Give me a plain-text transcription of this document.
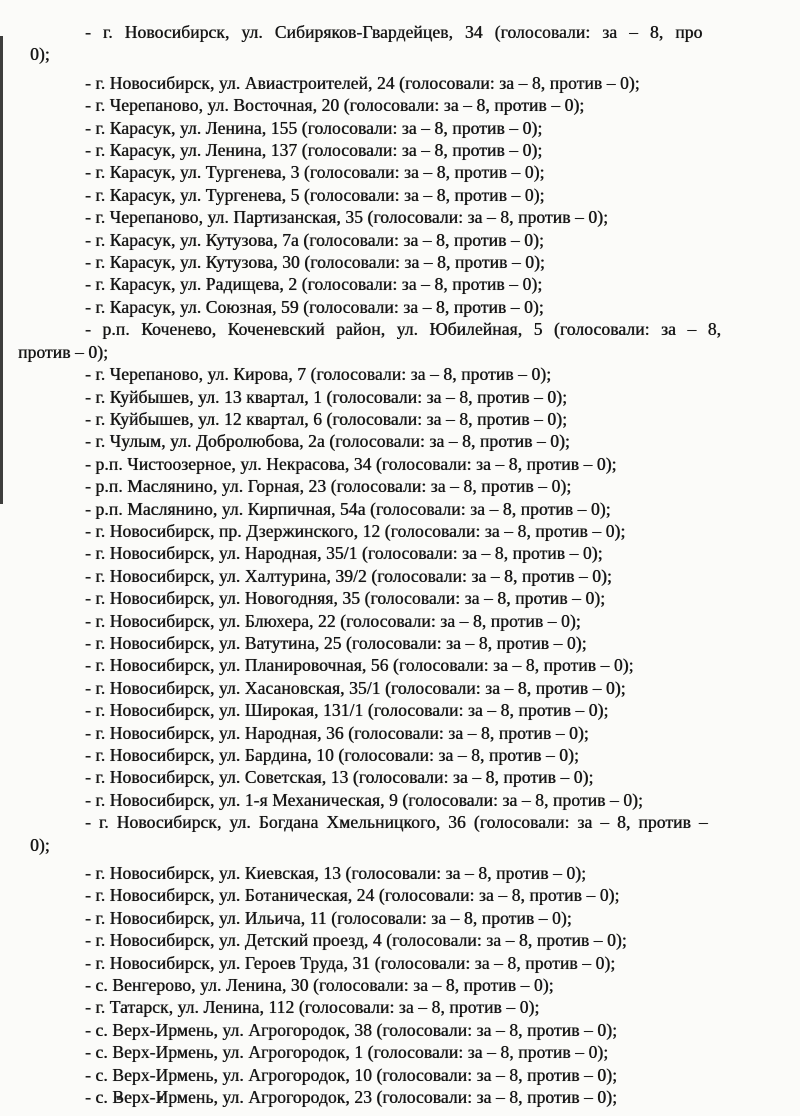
- г. Новосибирск, ул. Сибиряков-Гвардейцев, 34 (голосовали: за – 8, про
0);
- г. Новосибирск, ул. Авиастроителей, 24 (голосовали: за – 8, против – 0);
- г. Черепаново, ул. Восточная, 20 (голосовали: за – 8, против – 0);
- г. Карасук, ул. Ленина, 155 (голосовали: за – 8, против – 0);
- г. Карасук, ул. Ленина, 137 (голосовали: за – 8, против – 0);
- г. Карасук, ул. Тургенева, 3 (голосовали: за – 8, против – 0);
- г. Карасук, ул. Тургенева, 5 (голосовали: за – 8, против – 0);
- г. Черепаново, ул. Партизанская, 35 (голосовали: за – 8, против – 0);
- г. Карасук, ул. Кутузова, 7а (голосовали: за – 8, против – 0);
- г. Карасук, ул. Кутузова, 30 (голосовали: за – 8, против – 0);
- г. Карасук, ул. Радищева, 2 (голосовали: за – 8, против – 0);
- г. Карасук, ул. Союзная, 59 (голосовали: за – 8, против – 0);
- р.п. Коченево, Коченевский район, ул. Юбилейная, 5 (голосовали: за – 8,
против – 0);
- г. Черепаново, ул. Кирова, 7 (голосовали: за – 8, против – 0);
- г. Куйбышев, ул. 13 квартал, 1 (голосовали: за – 8, против – 0);
- г. Куйбышев, ул. 12 квартал, 6 (голосовали: за – 8, против – 0);
- г. Чулым, ул. Добролюбова, 2а (голосовали: за – 8, против – 0);
- р.п. Чистоозерное, ул. Некрасова, 34 (голосовали: за – 8, против – 0);
- р.п. Маслянино, ул. Горная, 23 (голосовали: за – 8, против – 0);
- р.п. Маслянино, ул. Кирпичная, 54а (голосовали: за – 8, против – 0);
- г. Новосибирск, пр. Дзержинского, 12 (голосовали: за – 8, против – 0);
- г. Новосибирск, ул. Народная, 35/1 (голосовали: за – 8, против – 0);
- г. Новосибирск, ул. Халтурина, 39/2 (голосовали: за – 8, против – 0);
- г. Новосибирск, ул. Новогодняя, 35 (голосовали: за – 8, против – 0);
- г. Новосибирск, ул. Блюхера, 22 (голосовали: за – 8, против – 0);
- г. Новосибирск, ул. Ватутина, 25 (голосовали: за – 8, против – 0);
- г. Новосибирск, ул. Планировочная, 56 (голосовали: за – 8, против – 0);
- г. Новосибирск, ул. Хасановская, 35/1 (голосовали: за – 8, против – 0);
- г. Новосибирск, ул. Широкая, 131/1 (голосовали: за – 8, против – 0);
- г. Новосибирск, ул. Народная, 36 (голосовали: за – 8, против – 0);
- г. Новосибирск, ул. Бардина, 10 (голосовали: за – 8, против – 0);
- г. Новосибирск, ул. Советская, 13 (голосовали: за – 8, против – 0);
- г. Новосибирск, ул. 1-я Механическая, 9 (голосовали: за – 8, против – 0);
- г. Новосибирск, ул. Богдана Хмельницкого, 36 (голосовали: за – 8, против –
0);
- г. Новосибирск, ул. Киевская, 13 (голосовали: за – 8, против – 0);
- г. Новосибирск, ул. Ботаническая, 24 (голосовали: за – 8, против – 0);
- г. Новосибирск, ул. Ильича, 11 (голосовали: за – 8, против – 0);
- г. Новосибирск, ул. Детский проезд, 4 (голосовали: за – 8, против – 0);
- г. Новосибирск, ул. Героев Труда, 31 (голосовали: за – 8, против – 0);
- с. Венгерово, ул. Ленина, 30 (голосовали: за – 8, против – 0);
- г. Татарск, ул. Ленина, 112 (голосовали: за – 8, против – 0);
- с. Верх-Ирмень, ул. Агрогородок, 38 (голосовали: за – 8, против – 0);
- с. Верх-Ирмень, ул. Агрогородок, 1 (голосовали: за – 8, против – 0);
- с. Верх-Ирмень, ул. Агрогородок, 10 (голосовали: за – 8, против – 0);
- с. Верх-Ирмень, ул. Агрогородок, 23 (голосовали: за – 8, против – 0);
